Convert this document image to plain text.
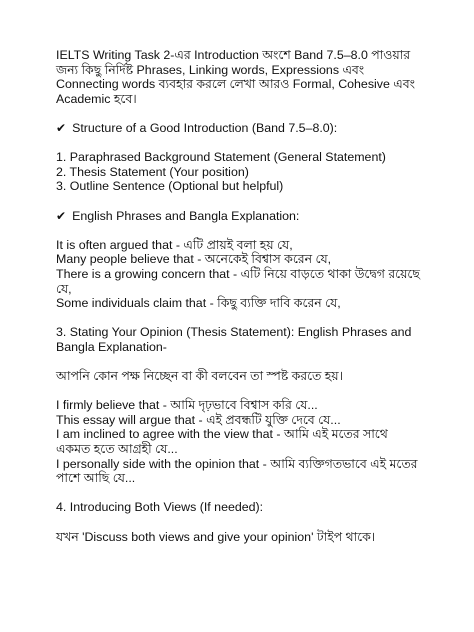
IELTS Writing Task 2-এর Introduction অংশে Band 7.5–8.0 পাওয়ার
জন্য কিছু নির্দিষ্ট Phrases, Linking words, Expressions এবং
Connecting words ব্যবহার করলে লেখা আরও Formal, Cohesive এবং
Academic হবে।
✔ Structure of a Good Introduction (Band 7.5–8.0):
1. Paraphrased Background Statement (General Statement)
2. Thesis Statement (Your position)
3. Outline Sentence (Optional but helpful)
✔ English Phrases and Bangla Explanation:
It is often argued that - এটি প্রায়ই বলা হয় যে,
Many people believe that - অনেকেই বিশ্বাস করেন যে,
There is a growing concern that - এটি নিয়ে বাড়তে থাকা উদ্বেগ রয়েছে
যে,
Some individuals claim that - কিছু ব্যক্তি দাবি করেন যে,
3. Stating Your Opinion (Thesis Statement): English Phrases and
Bangla Explanation-
আপনি কোন পক্ষ নিচ্ছেন বা কী বলবেন তা স্পষ্ট করতে হয়।
I firmly believe that - আমি দৃঢ়ভাবে বিশ্বাস করি যে...
This essay will argue that - এই প্রবন্ধটি যুক্তি দেবে যে...
I am inclined to agree with the view that - আমি এই মতের সাথে
একমত হতে আগ্রহী যে...
I personally side with the opinion that - আমি ব্যক্তিগতভাবে এই মতের
পাশে আছি যে...
4. Introducing Both Views (If needed):
যখন 'Discuss both views and give your opinion' টাইপ থাকে।
